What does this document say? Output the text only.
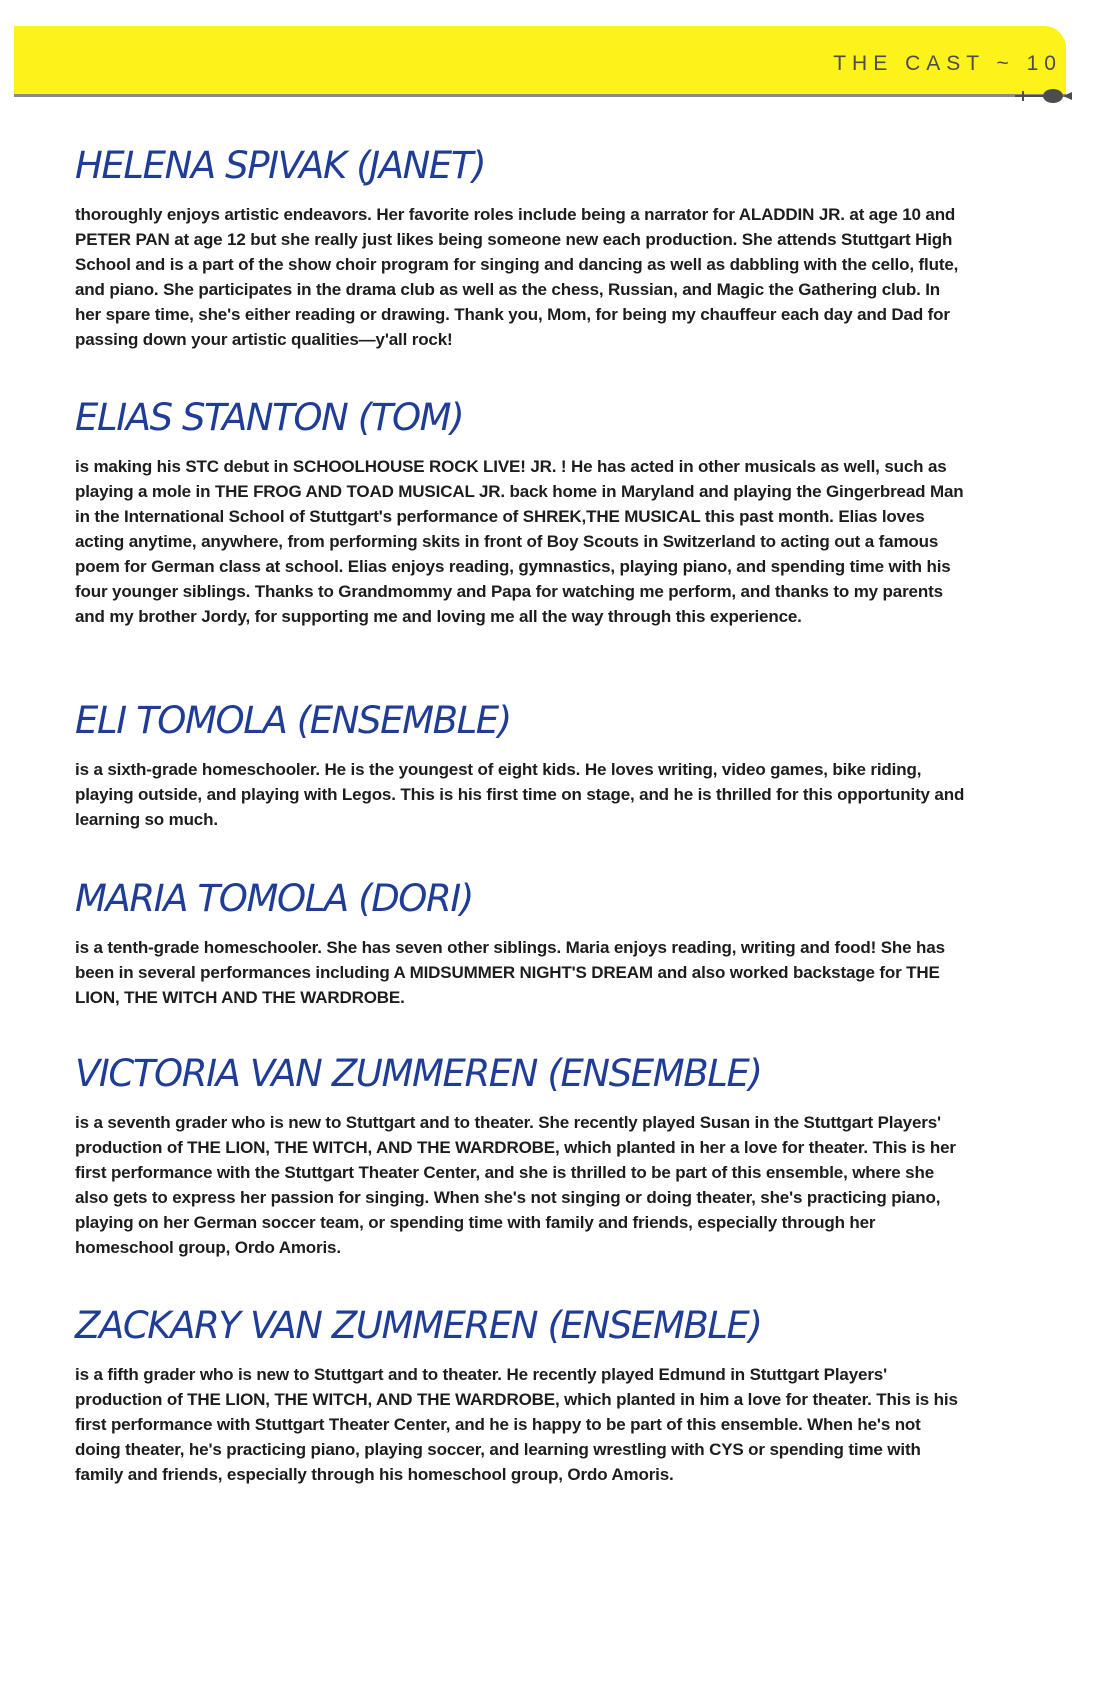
THE CAST ~ 10
HELENA SPIVAK (JANET)

thoroughly enjoys artistic endeavors. Her favorite roles include being a narrator for ALADDIN JR. at age 10 and PETER PAN at age 12 but she really just likes being someone new each production. She attends Stuttgart High School and is a part of the show choir program for singing and dancing as well as dabbling with the cello, flute, and piano. She participates in the drama club as well as the chess, Russian, and Magic the Gathering club. In her spare time, she's either reading or drawing. Thank you, Mom, for being my chauffeur each day and Dad for passing down your artistic qualities—y'all rock!

ELIAS STANTON (TOM)

is making his STC debut in SCHOOLHOUSE ROCK LIVE! JR. ! He has acted in other musicals as well, such as playing a mole in THE FROG AND TOAD MUSICAL JR. back home in Maryland and playing the Gingerbread Man in the International School of Stuttgart's performance of SHREK,THE MUSICAL this past month. Elias loves acting anytime, anywhere, from performing skits in front of Boy Scouts in Switzerland to acting out a famous poem for German class at school. Elias enjoys reading, gymnastics, playing piano, and spending time with his four younger siblings. Thanks to Grandmommy and Papa for watching me perform, and thanks to my parents and my brother Jordy, for supporting me and loving me all the way through this experience.

ELI TOMOLA (ENSEMBLE)

is a sixth-grade homeschooler. He is the youngest of eight kids. He loves writing, video games, bike riding, playing outside, and playing with Legos. This is his first time on stage, and he is thrilled for this opportunity and learning so much.

MARIA TOMOLA (DORI)

is a tenth-grade homeschooler. She has seven other siblings. Maria enjoys reading, writing and food! She has been in several performances including A MIDSUMMER NIGHT'S DREAM and also worked backstage for THE LION, THE WITCH AND THE WARDROBE.

VICTORIA VAN ZUMMEREN (ENSEMBLE)

is a seventh grader who is new to Stuttgart and to theater. She recently played Susan in the Stuttgart Players' production of THE LION, THE WITCH, AND THE WARDROBE, which planted in her a love for theater. This is her first performance with the Stuttgart Theater Center, and she is thrilled to be part of this ensemble, where she also gets to express her passion for singing. When she's not singing or doing theater, she's practicing piano, playing on her German soccer team, or spending time with family and friends, especially through her homeschool group, Ordo Amoris.

ZACKARY VAN ZUMMEREN (ENSEMBLE)

is a fifth grader who is new to Stuttgart and to theater. He recently played Edmund in Stuttgart Players' production of THE LION, THE WITCH, AND THE WARDROBE, which planted in him a love for theater. This is his first performance with Stuttgart Theater Center, and he is happy to be part of this ensemble. When he's not doing theater, he's practicing piano, playing soccer, and learning wrestling with CYS or spending time with family and friends, especially through his homeschool group, Ordo Amoris.
